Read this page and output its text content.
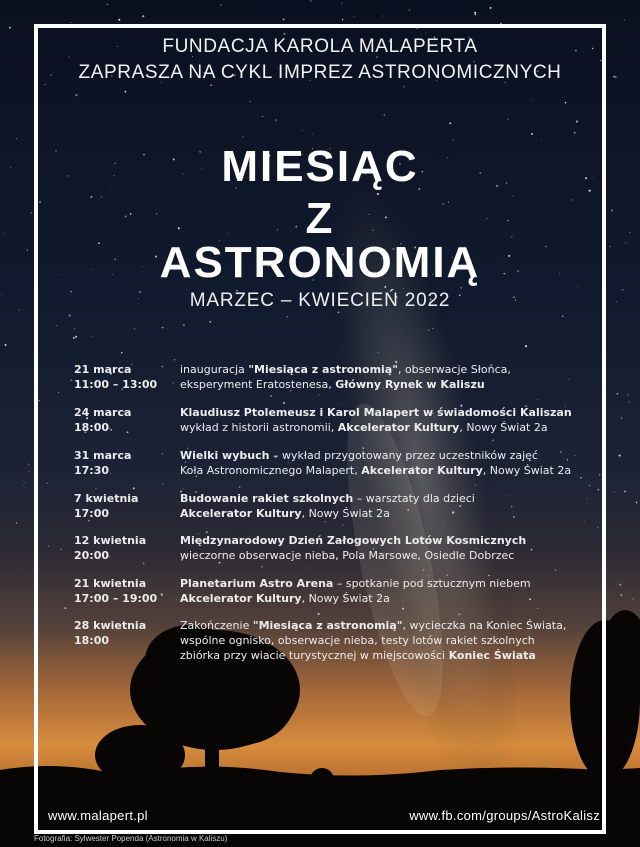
FUNDACJA KAROLA MALAPERTA
ZAPRASZA NA CYKL IMPREZ ASTRONOMICZNYCH
MIESIĄC
Z
ASTRONOMIĄ
MARZEC – KWIECIEŃ 2022
21 marca
11:00 – 13:00
inauguracja "Miesiąca z astronomią", obserwacje Słońca,
eksperyment Eratostenesa, Główny Rynek w Kaliszu
24 marca
18:00
Klaudiusz Ptolemeusz i Karol Malapert w świadomości Kaliszan
wykład z historii astronomii, Akcelerator Kultury, Nowy Świat 2a
31 marca
17:30
Wielki wybuch – wykład przygotowany przez uczestników zajęć
Koła Astronomicznego Malapert, Akcelerator Kultury, Nowy Świat 2a
7 kwietnia
17:00
Budowanie rakiet szkolnych – warsztaty dla dzieci
Akcelerator Kultury, Nowy Świat 2a
12 kwietnia
20:00
Międzynarodowy Dzień Załogowych Lotów Kosmicznych
wieczorne obserwacje nieba, Pola Marsowe, Osiedle Dobrzec
21 kwietnia
17:00 – 19:00
Planetarium Astro Arena – spotkanie pod sztucznym niebem
Akcelerator Kultury, Nowy Świat 2a
28 kwietnia
18:00
Zakończenie "Miesiąca z astronomią", wycieczka na Koniec Świata,
wspólne ognisko, obserwacje nieba, testy lotów rakiet szkolnych
zbiórka przy wiacie turystycznej w miejscowości Koniec Świata
www.malapert.pl	www.fb.com/groups/AstroKalisz
Fotografia: Sylwester Popenda (Astronomia w Kaliszu)
